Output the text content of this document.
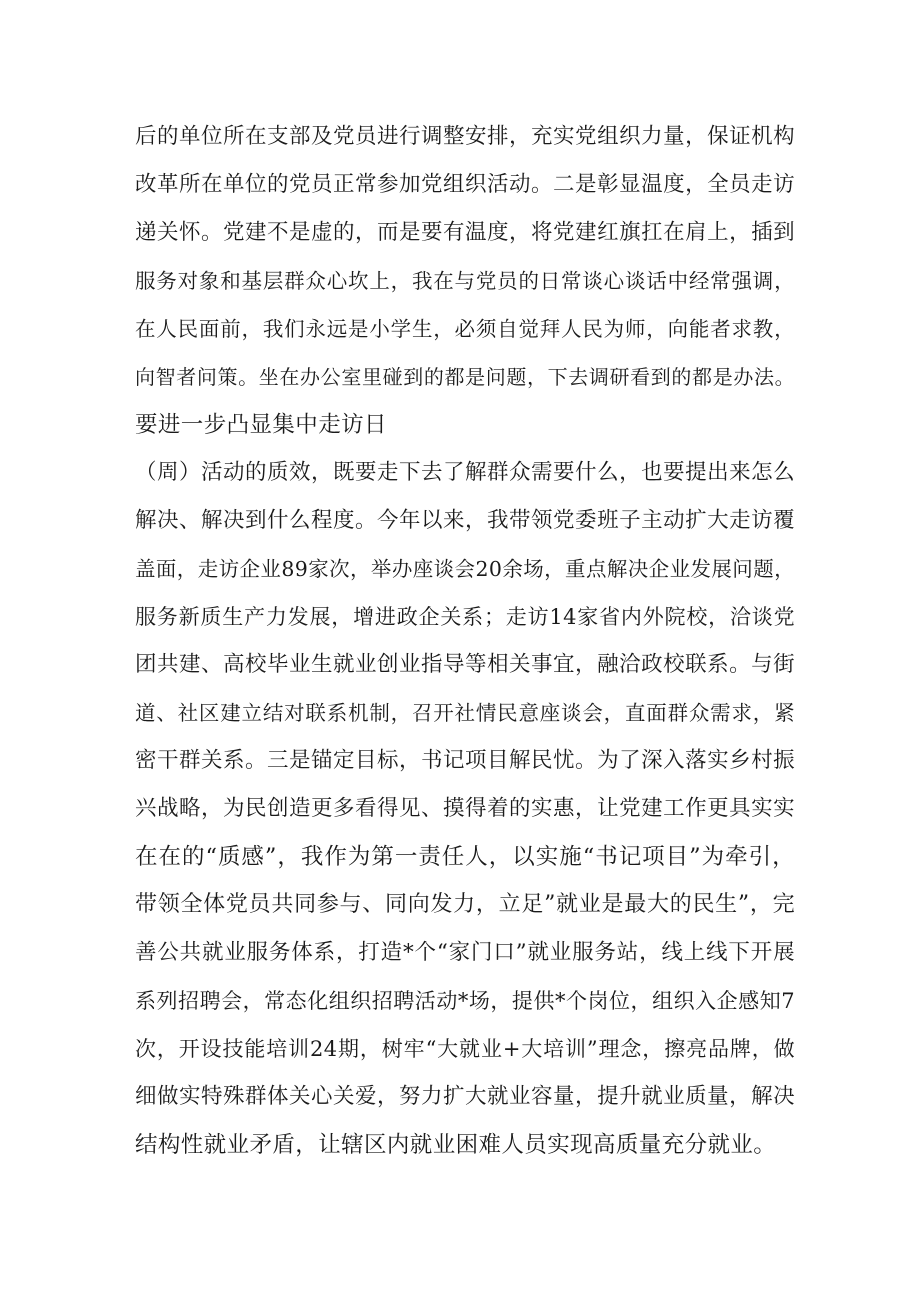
后的单位所在支部及党员进行调整安排，充实党组织力量，保证机构
改革所在单位的党员正常参加党组织活动。二是彰显温度，全员走访
递关怀。党建不是虚的，而是要有温度，将党建红旗扛在肩上，插到
服务对象和基层群众心坎上，我在与党员的日常谈心谈话中经常强调，
在人民面前，我们永远是小学生，必须自觉拜人民为师，向能者求教，
向智者问策。坐在办公室里碰到的都是问题，下去调研看到的都是办法。
要进一步凸显集中走访日
（周）活动的质效，既要走下去了解群众需要什么，也要提出来怎么
解决、解决到什么程度。今年以来，我带领党委班子主动扩大走访覆
盖面，走访企业89家次，举办座谈会20余场，重点解决企业发展问题，
服务新质生产力发展，增进政企关系；走访14家省内外院校，洽谈党
团共建、高校毕业生就业创业指导等相关事宜，融洽政校联系。与街
道、社区建立结对联系机制，召开社情民意座谈会，直面群众需求，紧
密干群关系。三是锚定目标，书记项目解民忧。为了深入落实乡村振
兴战略，为民创造更多看得见、摸得着的实惠，让党建工作更具实实
在在的“质感”，我作为第一责任人，以实施“书记项目”为牵引，
带领全体党员共同参与、同向发力，立足”就业是最大的民生”，完
善公共就业服务体系，打造*个“家门口”就业服务站，线上线下开展
系列招聘会，常态化组织招聘活动*场，提供*个岗位，组织入企感知7
次，开设技能培训24期，树牢“大就业+大培训”理念，擦亮品牌，做
细做实特殊群体关心关爱，努力扩大就业容量，提升就业质量，解决
结构性就业矛盾，让辖区内就业困难人员实现高质量充分就业。
